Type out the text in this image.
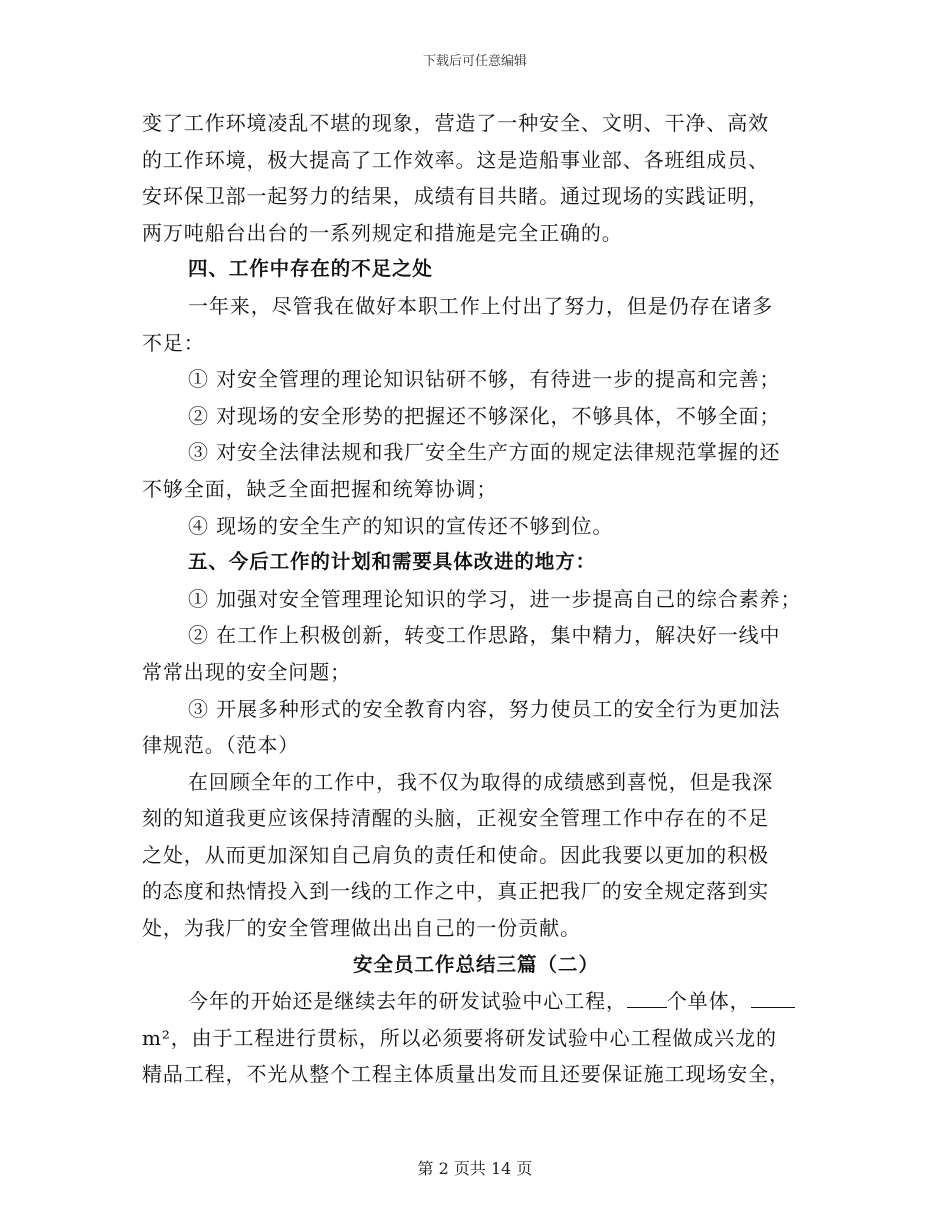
下载后可任意编辑
变了工作环境凌乱不堪的现象，营造了一种安全、文明、干净、高效
的工作环境，极大提高了工作效率。这是造船事业部、各班组成员、
安环保卫部一起努力的结果，成绩有目共睹。通过现场的实践证明，
两万吨船台出台的一系列规定和措施是完全正确的。
四、工作中存在的不足之处
一年来，尽管我在做好本职工作上付出了努力，但是仍存在诸多
不足：
① 对安全管理的理论知识钻研不够，有待进一步的提高和完善；
② 对现场的安全形势的把握还不够深化，不够具体，不够全面；
③ 对安全法律法规和我厂安全生产方面的规定法律规范掌握的还
不够全面，缺乏全面把握和统筹协调；
④ 现场的安全生产的知识的宣传还不够到位。
五、今后工作的计划和需要具体改进的地方：
① 加强对安全管理理论知识的学习，进一步提高自己的综合素养；
② 在工作上积极创新，转变工作思路，集中精力，解决好一线中
常常出现的安全问题；
③ 开展多种形式的安全教育内容，努力使员工的安全行为更加法
律规范。（范本）
在回顾全年的工作中，我不仅为取得的成绩感到喜悦，但是我深
刻的知道我更应该保持清醒的头脑，正视安全管理工作中存在的不足
之处，从而更加深知自己肩负的责任和使命。因此我要以更加的积极
的态度和热情投入到一线的工作之中，真正把我厂的安全规定落到实
处，为我厂的安全管理做出出自己的一份贡献。
安全员工作总结三篇（二）
今年的开始还是继续去年的研发试验中心工程， 个单体，
m²，由于工程进行贯标，所以必须要将研发试验中心工程做成兴龙的
精品工程，不光从整个工程主体质量出发而且还要保证施工现场安全，
第 2 页共 14 页
